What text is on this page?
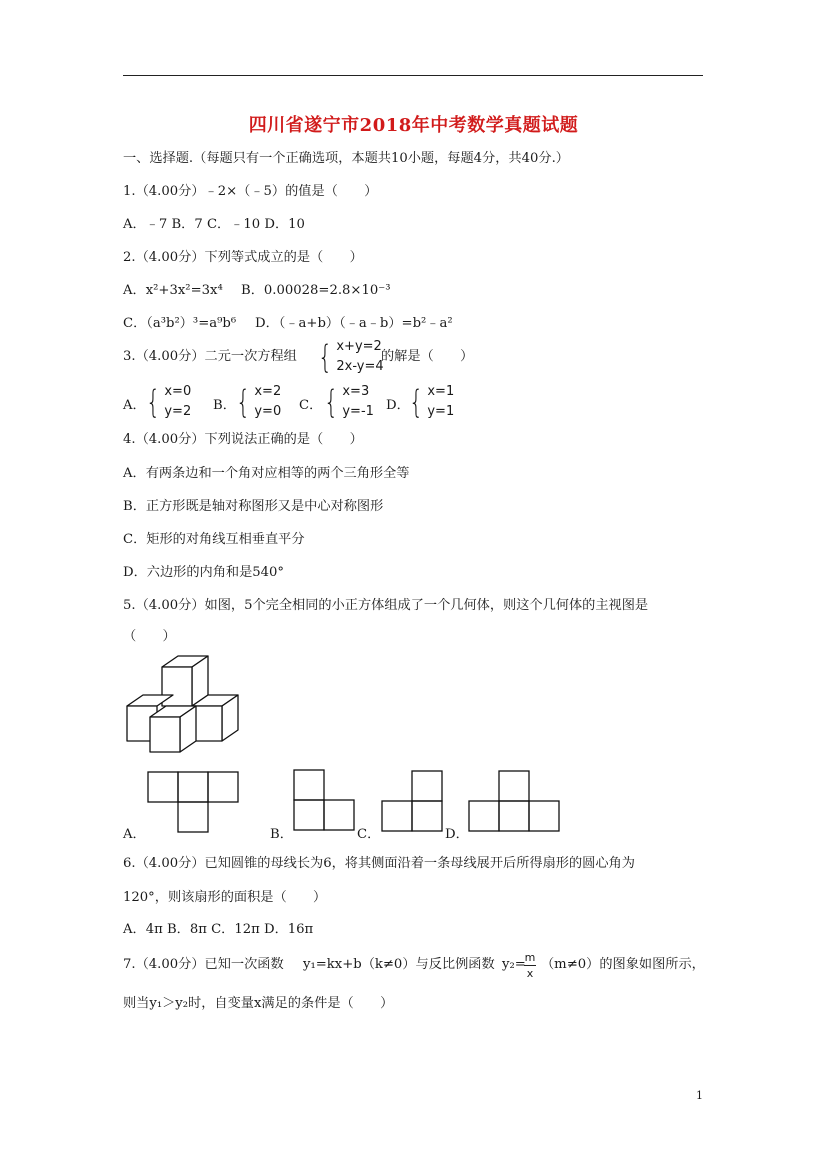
四川省遂宁市2018年中考数学真题试题
一、选择题.（每题只有一个正确选项，本题共10小题，每题4分，共40分.）
1.（4.00分）﹣2×（﹣5）的值是（　　）
A．﹣7 B．7 C．﹣10 D．10
2.（4.00分）下列等式成立的是（　　）
A．x²+3x²=3x⁴ B．0.00028=2.8×10⁻³
C．（a³b²）³=a⁹b⁶ D．（﹣a+b）（﹣a﹣b）=b²﹣a²
3.（4.00分）二元一次方程组 { x+y=2
2x-y=4
的解是（　　）
A． { x=0
y=2 B． { x=2
y=0 C． { x=3
y=-1 D． { x=1
y=1
4.（4.00分）下列说法正确的是（　　）
A．有两条边和一个角对应相等的两个三角形全等
B．正方形既是轴对称图形又是中心对称图形
C．矩形的对角线互相垂直平分
D．六边形的内角和是540°
5.（4.00分）如图，5个完全相同的小正方体组成了一个几何体，则这个几何体的主视图是
（　　）
A．	B．	C．	D．
6.（4.00分）已知圆锥的母线长为6，将其侧面沿着一条母线展开后所得扇形的圆心角为
120°，则该扇形的面积是（　　）
A．4π B．8π C．12π D．16π
7.（4.00分）已知一次函数 y₁=kx+b（k≠0）与反比例函数 y₂=
m
x
（m≠0）的图象如图所示，
则当y₁＞y₂时，自变量x满足的条件是（　　）
1
